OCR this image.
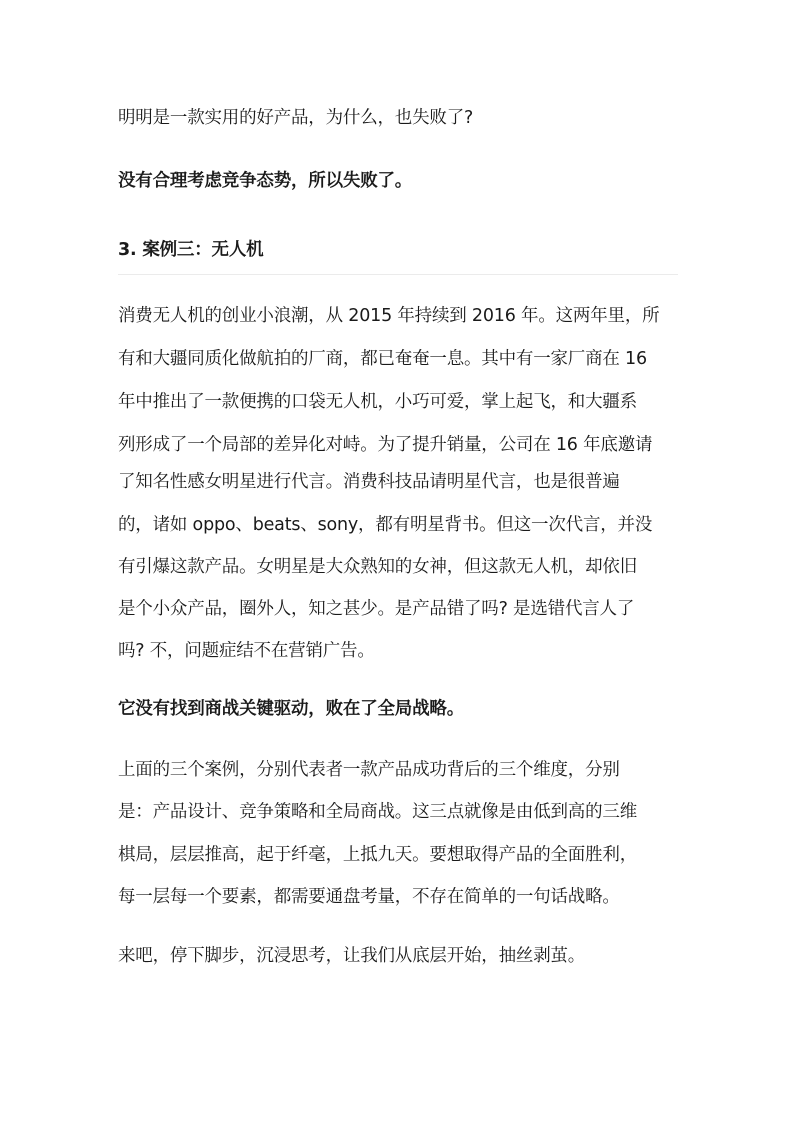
明明是一款实用的好产品，为什么，也失败了?
没有合理考虑竞争态势，所以失败了。
3. 案例三：无人机
消费无人机的创业小浪潮，从 2015 年持续到 2016 年。这两年里，所
有和大疆同质化做航拍的厂商，都已奄奄一息。其中有一家厂商在 16
年中推出了一款便携的口袋无人机，小巧可爱，掌上起飞，和大疆系
列形成了一个局部的差异化对峙。为了提升销量，公司在 16 年底邀请
了知名性感女明星进行代言。消费科技品请明星代言，也是很普遍
的，诸如 oppo、beats、sony，都有明星背书。但这一次代言，并没
有引爆这款产品。女明星是大众熟知的女神，但这款无人机，却依旧
是个小众产品，圈外人，知之甚少。是产品错了吗? 是选错代言人了
吗? 不，问题症结不在营销广告。
它没有找到商战关键驱动，败在了全局战略。
上面的三个案例，分别代表者一款产品成功背后的三个维度，分别
是：产品设计、竞争策略和全局商战。这三点就像是由低到高的三维
棋局，层层推高，起于纤毫，上抵九天。要想取得产品的全面胜利，
每一层每一个要素，都需要通盘考量，不存在简单的一句话战略。
来吧，停下脚步，沉浸思考，让我们从底层开始，抽丝剥茧。
